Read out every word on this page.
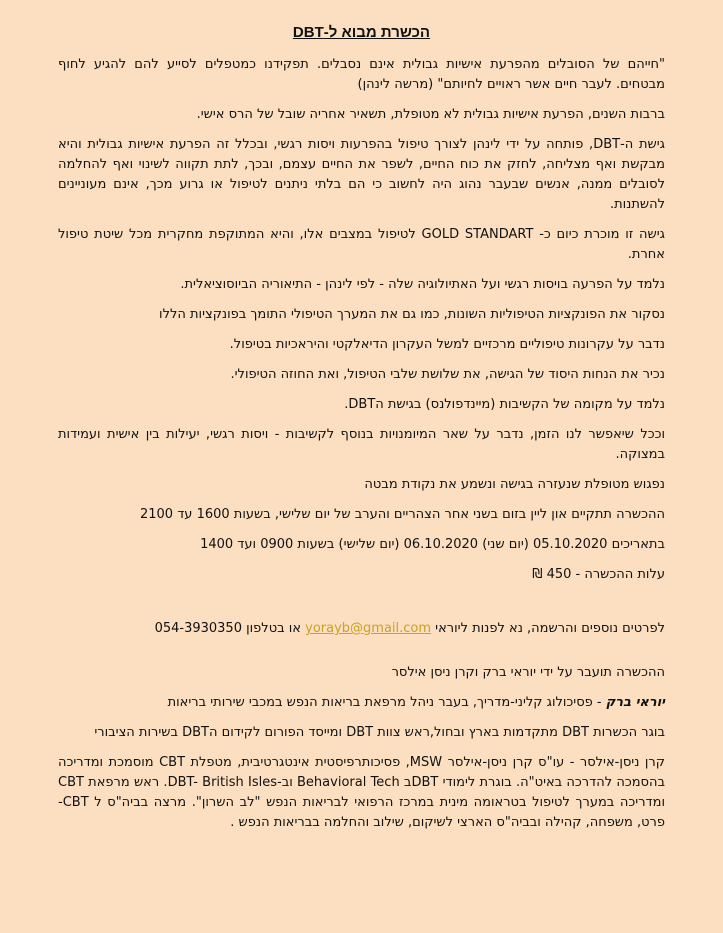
הכשרת מבוא ל-DBT

"חייהם של הסובלים מהפרעת אישיות גבולית אינם נסבלים. תפקידנו כמטפלים לסייע להם להגיע לחוף מבטחים. לעבר חיים אשר ראויים לחיותם" (מרשה לינהן)

ברבות השנים, הפרעת אישיות גבולית לא מטופלת, תשאיר אחריה שובל של הרס אישי.

גישת ה-DBT, פותחה על ידי לינהן לצורך טיפול בהפרעות ויסות רגשי, ובכלל זה הפרעת אישיות גבולית והיא מבקשת ואף מצליחה, לחזק את כוח החיים, לשפר את החיים עצמם, ובכך, לתת תקווה לשינוי ואף להחלמה לסובלים ממנה, אנשים שבעבר נהוג היה לחשוב כי הם בלתי ניתנים לטיפול או גרוע מכך, אינם מעוניינים להשתנות.

גישה זו מוכרת כיום כ- GOLD STANDART לטיפול במצבים אלו, והיא המתוקפת מחקרית מכל שיטת טיפול אחרת.

נלמד על הפרעה בויסות רגשי ועל האתיולוגיה שלה - לפי לינהן - התיאוריה הביוסוציאלית.

נסקור את הפונקציות הטיפוליות השונות, כמו גם את המערך הטיפולי התומך בפונקציות הללו

נדבר על עקרונות טיפוליים מרכזיים למשל העקרון הדיאלקטי והיראכיות בטיפול.

נכיר את הנחות היסוד של הגישה, את שלושת שלבי הטיפול, ואת החוזה הטיפולי.

נלמד על מקומה של הקשיבות (מיינדפולנס) בגישת הDBT.

וככל שיאפשר לנו הזמן, נדבר על שאר המיומנויות בנוסף לקשיבות - ויסות רגשי, יעילות בין אישית ועמידות במצוקה.

נפגוש מטופלת שנעזרה בגישה ונשמע את נקודת מבטה

ההכשרה תתקיים און ליין בזום בשני אחר הצהריים והערב של יום שלישי, בשעות 1600 עד 2100

בתאריכים 05.10.2020 (יום שני) 06.10.2020 (יום שלישי) בשעות 0900 ועד 1400

עלות ההכשרה - 450 ₪

לפרטים נוספים והרשמה, נא לפנות ליוראי yorayb@gmail.com או בטלפון 054-3930350

ההכשרה תועבר על ידי יוראי ברק וקרן ניסן אילסר

יוראי ברק - פסיכולוג קליני-מדריך, בעבר ניהל מרפאת בריאות הנפש במכבי שירותי בריאות

בוגר הכשרות DBT מתקדמות בארץ ובחול,ראש צוות DBT ומייסד הפורום לקידום הDBT בשירות הציבורי

קרן ניסן-אילסר - עו"ס קרן ניסן-אילסר MSW, פסיכותרפיסטית אינטגרטיבית, מטפלת CBT מוסמכת ומדריכה בהסמכה להדרכה באיט"ה. בוגרת לימודי DBTב Behavioral Tech וב-DBT- British Isles. ראש מרפאת CBT ומדריכה במערך לטיפול בטראומה מינית במרכז הרפואי לבריאות הנפש "לב השרון". מרצה בביה"ס ל CBT-פרט, משפחה, קהילה ובביה"ס הארצי לשיקום, שילוב והחלמה בבריאות הנפש .
